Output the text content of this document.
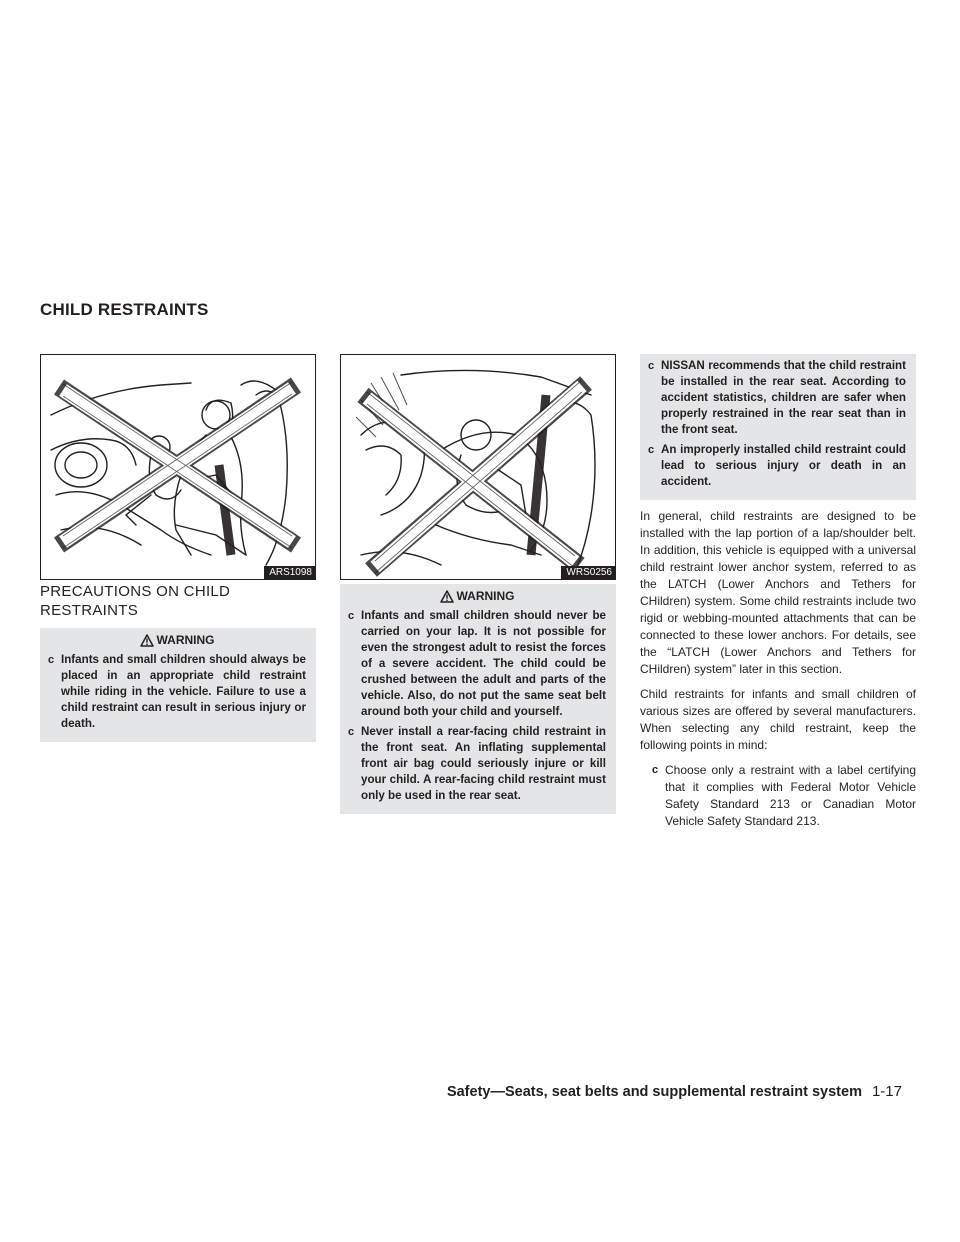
CHILD RESTRAINTS
ARS1098	WRS0256
PRECAUTIONS ON CHILD RESTRAINTS
WARNING
c Infants and small children should always be placed in an appropriate child restraint while riding in the vehicle. Failure to use a child restraint can result in serious injury or death.
WARNING
c Infants and small children should never be carried on your lap. It is not possible for even the strongest adult to resist the forces of a severe accident. The child could be crushed between the adult and parts of the vehicle. Also, do not put the same seat belt around both your child and yourself.
c Never install a rear-facing child restraint in the front seat. An inflating supplemental front air bag could seriously injure or kill your child. A rear-facing child restraint must only be used in the rear seat.
c NISSAN recommends that the child restraint be installed in the rear seat. According to accident statistics, children are safer when properly restrained in the rear seat than in the front seat.
c An improperly installed child restraint could lead to serious injury or death in an accident.

In general, child restraints are designed to be installed with the lap portion of a lap/shoulder belt. In addition, this vehicle is equipped with a universal child restraint lower anchor system, referred to as the LATCH (Lower Anchors and Tethers for CHildren) system. Some child restraints include two rigid or webbing-mounted attachments that can be connected to these lower anchors. For details, see the “LATCH (Lower Anchors and Tethers for CHildren) system” later in this section.

Child restraints for infants and small children of various sizes are offered by several manufacturers. When selecting any child restraint, keep the following points in mind:

c Choose only a restraint with a label certifying that it complies with Federal Motor Vehicle Safety Standard 213 or Canadian Motor Vehicle Safety Standard 213.
Safety—Seats, seat belts and supplemental restraint system 1-17
